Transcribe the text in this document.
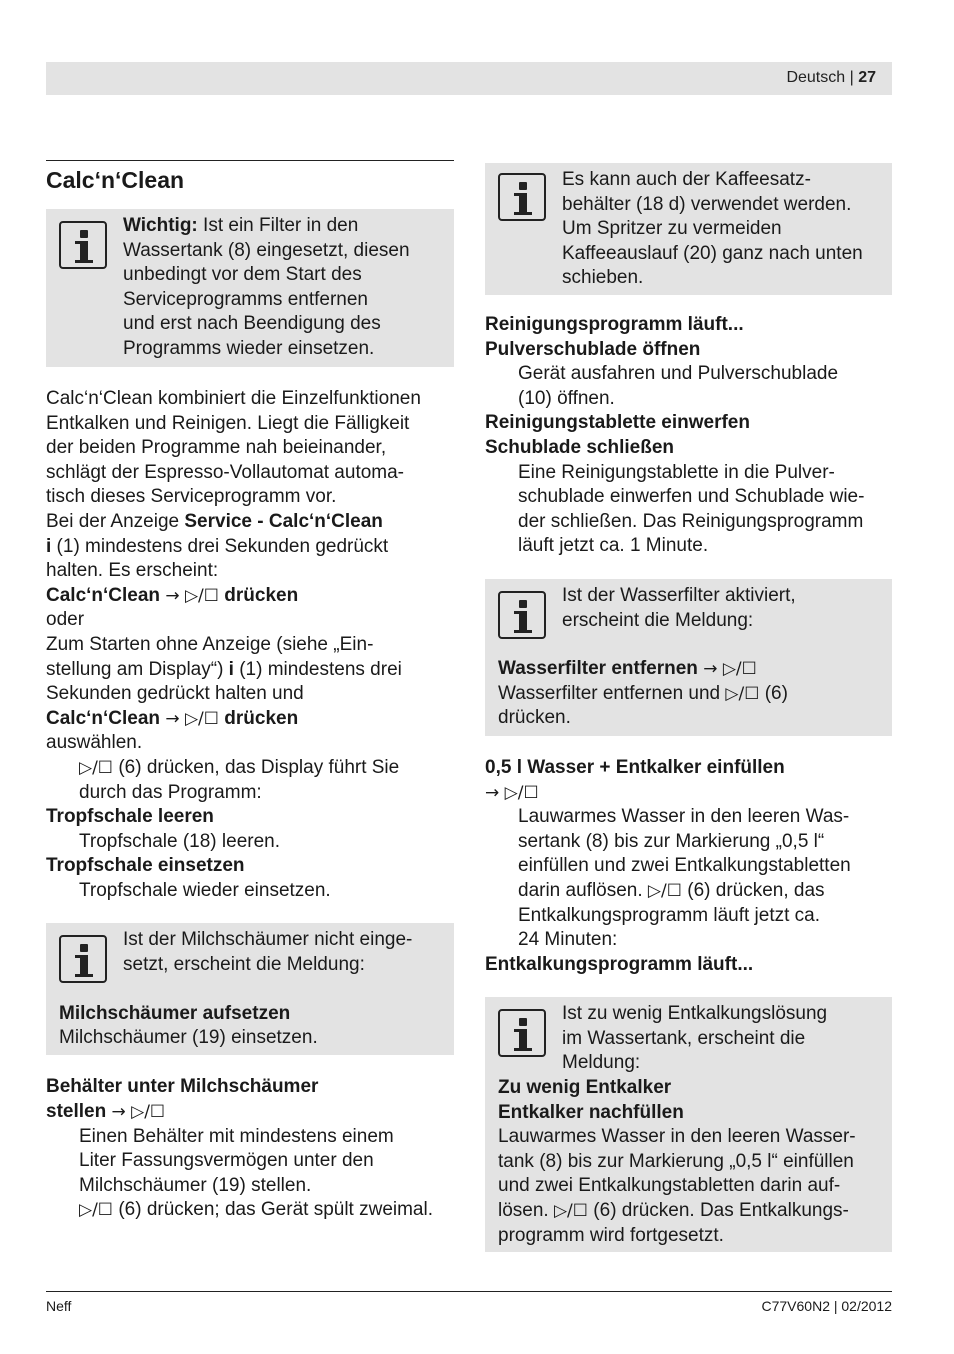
Deutsch | 27
Calc‘n‘Clean
Wichtig: Ist ein Filter in den
Wassertank (8) eingesetzt, diesen
unbedingt vor dem Start des
Serviceprogramms entfernen
und erst nach Beendigung des
Programms wieder einsetzen.

Calc‘n‘Clean kombiniert die Einzelfunktionen

Entkalken und Reinigen. Liegt die Fälligkeit

der beiden Programme nah beieinander,

schlägt der Espresso-Vollautomat automa-

tisch dieses Serviceprogramm vor.

Bei der Anzeige Service - Calc‘n‘Clean

i (1) mindestens drei Sekunden gedrückt

halten. Es erscheint:

Calc‘n‘Clean → ▷/☐ drücken

oder

Zum Starten ohne Anzeige (siehe „Ein-

stellung am Display“) i (1) mindestens drei

Sekunden gedrückt halten und

Calc‘n‘Clean → ▷/☐ drücken

auswählen.

▷/☐ (6) drücken, das Display führt Sie

durch das Programm:

Tropfschale leeren

Tropfschale (18) leeren.

Tropfschale einsetzen

Tropfschale wieder einsetzen.

Ist der Milchschäumer nicht einge-
setzt, erscheint die Meldung:
Milchschäumer aufsetzen
Milchschäumer (19) einsetzen.

Behälter unter Milchschäumer

stellen → ▷/☐

Einen Behälter mit mindestens einem

Liter Fassungsvermögen unter den

Milchschäumer (19) stellen.

▷/☐ (6) drücken; das Gerät spült zweimal.

Es kann auch der Kaffeesatz-
behälter (18 d) verwendet werden.
Um Spritzer zu vermeiden
Kaffeeauslauf (20) ganz nach unten
schieben.

Reinigungsprogramm läuft...

Pulverschublade öffnen

Gerät ausfahren und Pulverschublade

(10) öffnen.

Reinigungstablette einwerfen

Schublade schließen

Eine Reinigungstablette in die Pulver-

schublade einwerfen und Schublade wie-

der schließen. Das Reinigungsprogramm

läuft jetzt ca. 1 Minute.

Ist der Wasserfilter aktiviert,
erscheint die Meldung:
Wasserfilter entfernen → ▷/☐
Wasserfilter entfernen und ▷/☐ (6)
drücken.

0,5 l Wasser + Entkalker einfüllen

→ ▷/☐

Lauwarmes Wasser in den leeren Was-

sertank (8) bis zur Markierung „0,5 l“

einfüllen und zwei Entkalkungstabletten

darin auflösen. ▷/☐ (6) drücken, das

Entkalkungsprogramm läuft jetzt ca.

24 Minuten:

Entkalkungsprogramm läuft...

Ist zu wenig Entkalkungslösung
im Wassertank, erscheint die
Meldung:
Zu wenig Entkalker
Entkalker nachfüllen
Lauwarmes Wasser in den leeren Wasser-
tank (8) bis zur Markierung „0,5 l“ einfüllen
und zwei Entkalkungstabletten darin auf-
lösen. ▷/☐ (6) drücken. Das Entkalkungs-
programm wird fortgesetzt.
Neff	C77V60N2 | 02/2012
